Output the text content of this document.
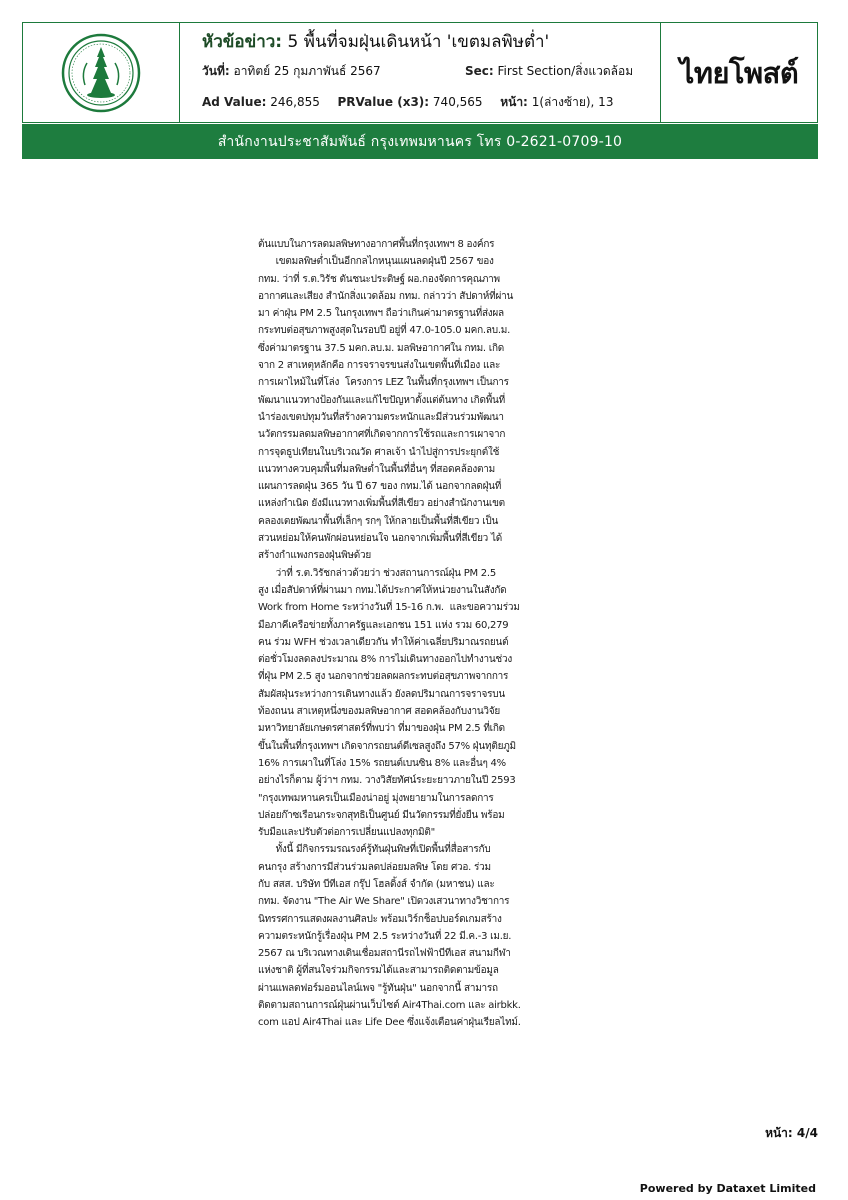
หัวข้อข่าว: 5 พื้นที่จมฝุ่นเดินหน้า 'เขตมลพิษต่ำ'
วันที่: อาทิตย์ 25 กุมภาพันธ์ 2567	Sec: First Section/สิ่งแวดล้อม
Ad Value: 246,855 PRValue (x3): 740,565 หน้า: 1(ล่างซ้าย), 13
ไทยโพสต์
สำนักงานประชาสัมพันธ์ กรุงเทพมหานคร โทร 0-2621-0709-10
ต้นแบบในการลดมลพิษทางอากาศพื้นที่กรุงเทพฯ 8 องค์กร
เขตมลพิษต่ำเป็นอีกกลไกหนุนแผนลดฝุ่นปี 2567 ของ
กทม. ว่าที่ ร.ต.วิรัช ตันชนะประดิษฐ์ ผอ.กองจัดการคุณภาพ
อากาศและเสียง สำนักสิ่งแวดล้อม กทม. กล่าวว่า สัปดาห์ที่ผ่าน
มา ค่าฝุ่น PM 2.5 ในกรุงเทพฯ ถือว่าเกินค่ามาตรฐานที่ส่งผล
กระทบต่อสุขภาพสูงสุดในรอบปี อยู่ที่ 47.0-105.0 มคก.ลบ.ม.
ซึ่งค่ามาตรฐาน 37.5 มคก.ลบ.ม. มลพิษอากาศใน กทม. เกิด
จาก 2 สาเหตุหลักคือ การจราจรขนส่งในเขตพื้นที่เมือง และ
การเผาไหม้ในที่โล่ง  โครงการ LEZ ในพื้นที่กรุงเทพฯ เป็นการ
พัฒนาแนวทางป้องกันและแก้ไขปัญหาตั้งแต่ต้นทาง เกิดพื้นที่
นำร่องเขตปทุมวันที่สร้างความตระหนักและมีส่วนร่วมพัฒนา
นวัตกรรมลดมลพิษอากาศที่เกิดจากการใช้รถและการเผาจาก
การจุดธูปเทียนในบริเวณวัด ศาลเจ้า นำไปสู่การประยุกต์ใช้
แนวทางควบคุมพื้นที่มลพิษต่ำในพื้นที่อื่นๆ ที่สอดคล้องตาม
แผนการลดฝุ่น 365 วัน ปี 67 ของ กทม.ได้ นอกจากลดฝุ่นที่
แหล่งกำเนิด ยังมีแนวทางเพิ่มพื้นที่สีเขียว อย่างสำนักงานเขต
คลองเตยพัฒนาพื้นที่เล็กๆ รกๆ ให้กลายเป็นพื้นที่สีเขียว เป็น
สวนหย่อมให้คนพักผ่อนหย่อนใจ นอกจากเพิ่มพื้นที่สีเขียว ได้
สร้างกำแพงกรองฝุ่นพิษด้วย
ว่าที่ ร.ต.วิรัชกล่าวด้วยว่า ช่วงสถานการณ์ฝุ่น PM 2.5
สูง เมื่อสัปดาห์ที่ผ่านมา กทม.ได้ประกาศให้หน่วยงานในสังกัด
Work from Home ระหว่างวันที่ 15-16 ก.พ.  และขอความร่วม
มือภาคีเครือข่ายทั้งภาครัฐและเอกชน 151 แห่ง รวม 60,279
คน ร่วม WFH ช่วงเวลาเดียวกัน ทำให้ค่าเฉลี่ยปริมาณรถยนต์
ต่อชั่วโมงลดลงประมาณ 8% การไม่เดินทางออกไปทำงานช่วง
ที่ฝุ่น PM 2.5 สูง นอกจากช่วยลดผลกระทบต่อสุขภาพจากการ
สัมผัสฝุ่นระหว่างการเดินทางแล้ว ยังลดปริมาณการจราจรบน
ท้องถนน สาเหตุหนึ่งของมลพิษอากาศ สอดคล้องกับงานวิจัย
มหาวิทยาลัยเกษตรศาสตร์ที่พบว่า ที่มาของฝุ่น PM 2.5 ที่เกิด
ขึ้นในพื้นที่กรุงเทพฯ เกิดจากรถยนต์ดีเซลสูงถึง 57% ฝุ่นทุติยภูมิ
16% การเผาในที่โล่ง 15% รถยนต์เบนซิน 8% และอื่นๆ 4%
อย่างไรก็ตาม ผู้ว่าฯ กทม. วางวิสัยทัศน์ระยะยาวภายในปี 2593
"กรุงเทพมหานครเป็นเมืองน่าอยู่ มุ่งพยายามในการลดการ
ปล่อยก๊าซเรือนกระจกสุทธิเป็นศูนย์ มีนวัตกรรมที่ยั่งยืน พร้อม
รับมือและปรับตัวต่อการเปลี่ยนแปลงทุกมิติ"
ทั้งนี้ มีกิจกรรมรณรงค์รู้ทันฝุ่นพิษที่เปิดพื้นที่สื่อสารกับ
คนกรุง สร้างการมีส่วนร่วมลดปล่อยมลพิษ โดย ศวอ. ร่วม
กับ สสส. บริษัท บีทีเอส กรุ๊ป โฮลดิ้งส์ จำกัด (มหาชน) และ
กทม. จัดงาน "The Air We Share" เปิดวงเสวนาทางวิชาการ
นิทรรศการแสดงผลงานศิลปะ พร้อมเวิร์กช็อปบอร์ดเกมสร้าง
ความตระหนักรู้เรื่องฝุ่น PM 2.5 ระหว่างวันที่ 22 มี.ค.-3 เม.ย.
2567 ณ บริเวณทางเดินเชื่อมสถานีรถไฟฟ้าบีทีเอส สนามกีฬา
แห่งชาติ ผู้ที่สนใจร่วมกิจกรรมได้และสามารถติดตามข้อมูล
ผ่านแพลตฟอร์มออนไลน์เพจ "รู้ทันฝุ่น" นอกจากนี้ สามารถ
ติดตามสถานการณ์ฝุ่นผ่านเว็บไซต์ Air4Thai.com และ airbkk.
com แอป Air4Thai และ Life Dee ซึ่งแจ้งเตือนค่าฝุ่นเรียลไทม์.
หน้า: 4/4
Powered by Dataxet Limited
